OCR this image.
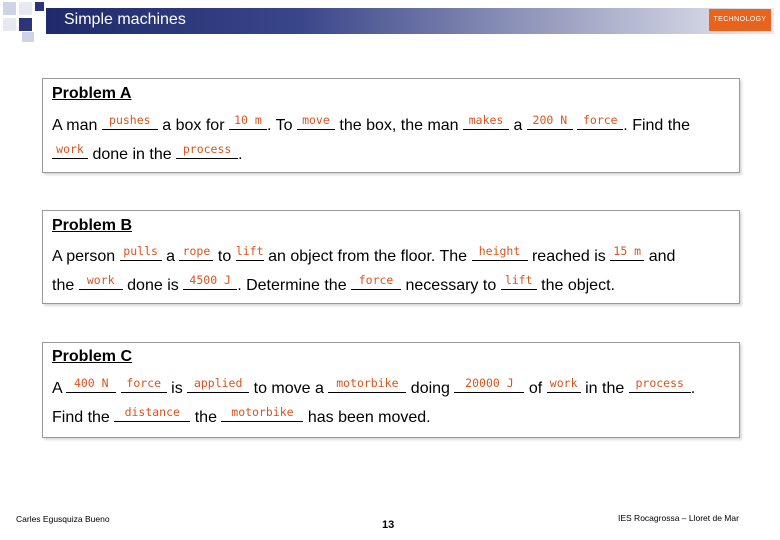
Simple machines	TECHNOLOGY
Problem A
A man	pushes a box for 10 m . To move the box, the man makes a 200 N
	force . Find the
work done in the process .
Problem B
A person pulls a rope to lift an object from the floor. The	height reached is 15 m and
the	work done is 4500 J . Determine the	force necessary to lift the object.
Problem C
A	400 N
	force is applied to move a	motorbike doing	20000 J of work in the process .
Find the	distance the	motorbike has been moved.
Carles Egusquiza Bueno	13
IES Rocagrossa – Lloret de Mar
